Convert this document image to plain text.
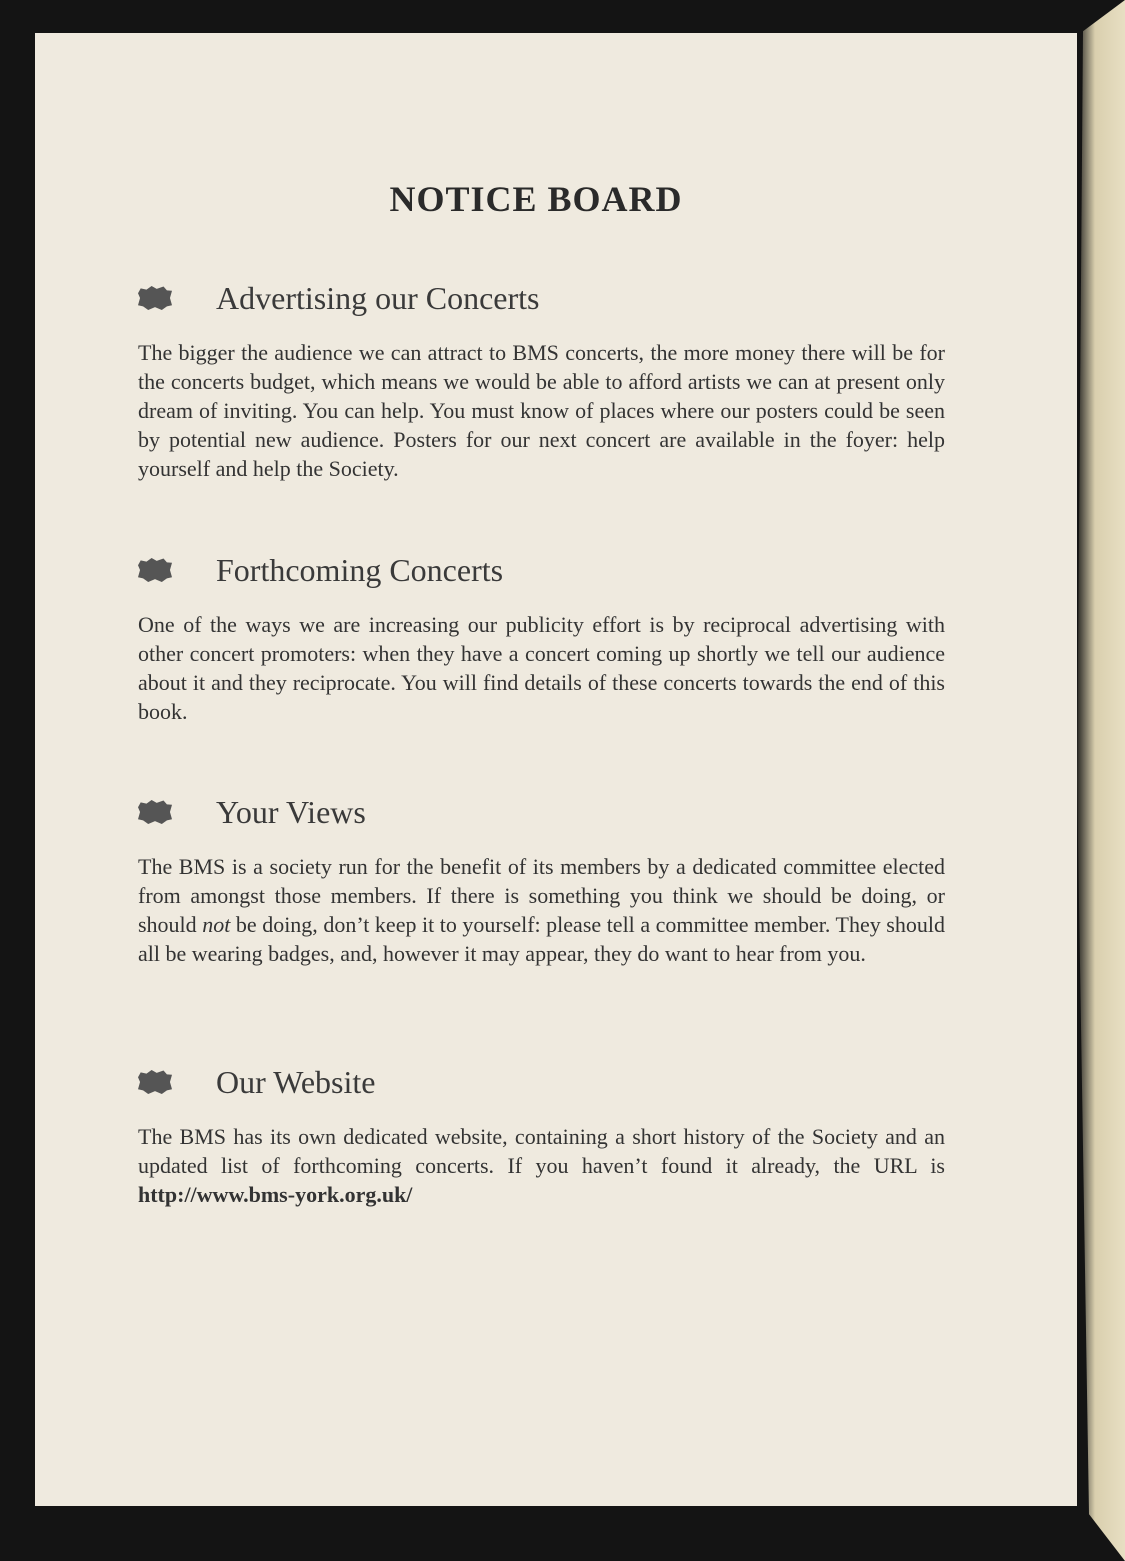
NOTICE BOARD
Advertising our Concerts
The bigger the audience we can attract to BMS concerts, the more money there will be for the concerts budget, which means we would be able to afford artists we can at present only dream of inviting. You can help. You must know of places where our posters could be seen by potential new audience. Posters for our next concert are available in the foyer: help yourself and help the Society.
Forthcoming Concerts
One of the ways we are increasing our publicity effort is by reciprocal advertising with other concert promoters: when they have a concert coming up shortly we tell our audience about it and they reciprocate. You will find details of these concerts towards the end of this book.
Your Views
The BMS is a society run for the benefit of its members by a dedicated committee elected from amongst those members. If there is something you think we should be doing, or should not be doing, don’t keep it to yourself: please tell a committee member. They should all be wearing badges, and, however it may appear, they do want to hear from you.
Our Website
The BMS has its own dedicated website, containing a short history of the Society and an updated list of forthcoming concerts. If you haven’t found it already, the URL is http://www.bms-york.org.uk/
